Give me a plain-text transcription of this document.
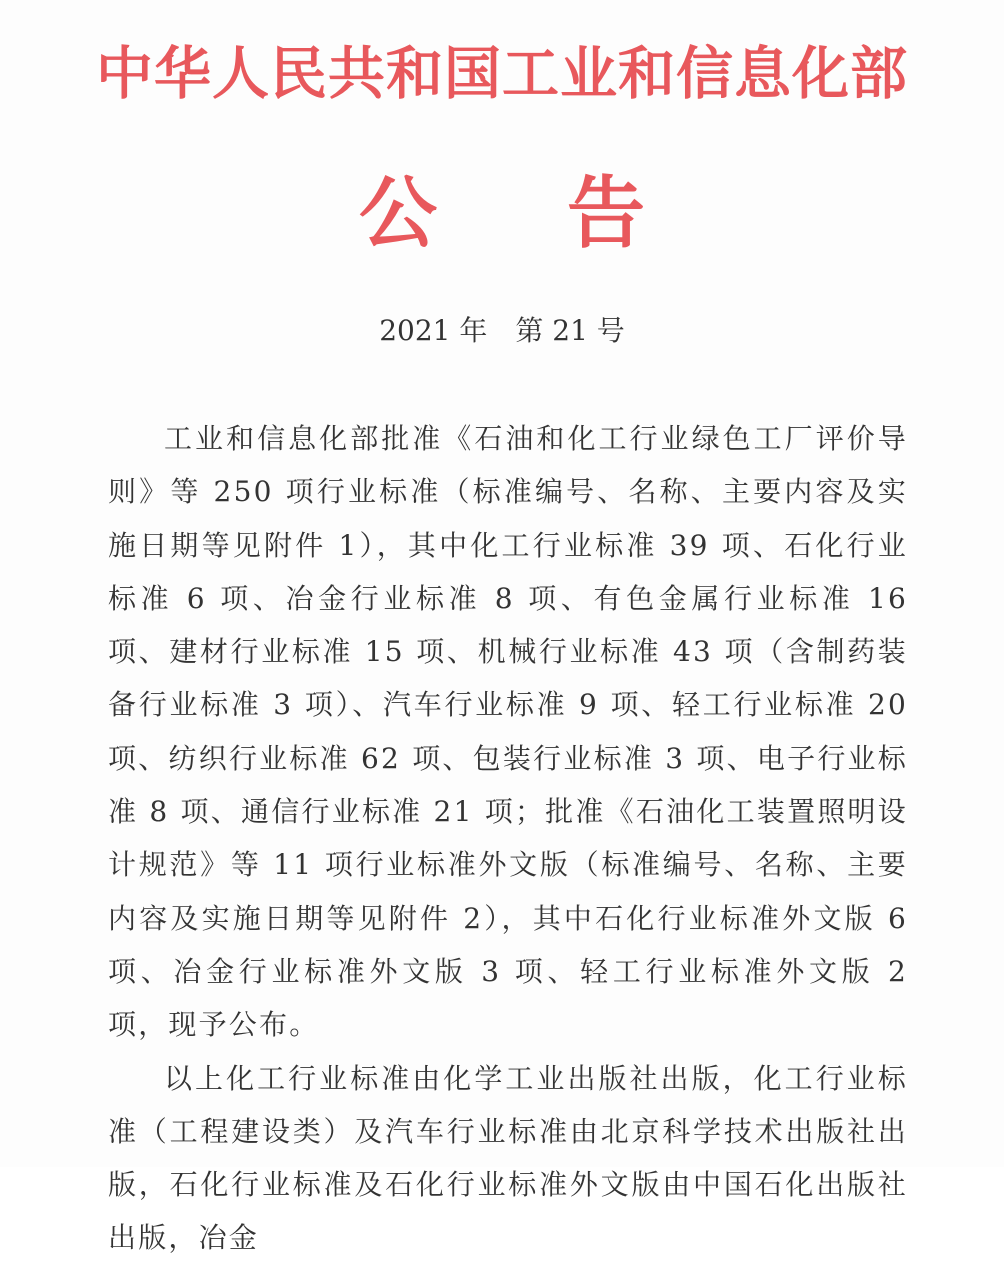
中华人民共和国工业和信息化部
公 告
2021 年　第 21 号

工业和信息化部批准《石油和化工行业绿色工厂评价导则》等 250 项行业标准（标准编号、名称、主要内容及实施日期等见附件 1），其中化工行业标准 39 项、石化行业标准 6 项、冶金行业标准 8 项、有色金属行业标准 16 项、建材行业标准 15 项、机械行业标准 43 项（含制药装备行业标准 3 项）、汽车行业标准 9 项、轻工行业标准 20 项、纺织行业标准 62 项、包装行业标准 3 项、电子行业标准 8 项、通信行业标准 21 项；批准《石油化工装置照明设计规范》等 11 项行业标准外文版（标准编号、名称、主要内容及实施日期等见附件 2），其中石化行业标准外文版 6 项、冶金行业标准外文版 3 项、轻工行业标准外文版 2 项，现予公布。

以上化工行业标准由化学工业出版社出版，化工行业标准（工程建设类）及汽车行业标准由北京科学技术出版社出版，石化行业标准及石化行业标准外文版由中国石化出版社出版，冶金
